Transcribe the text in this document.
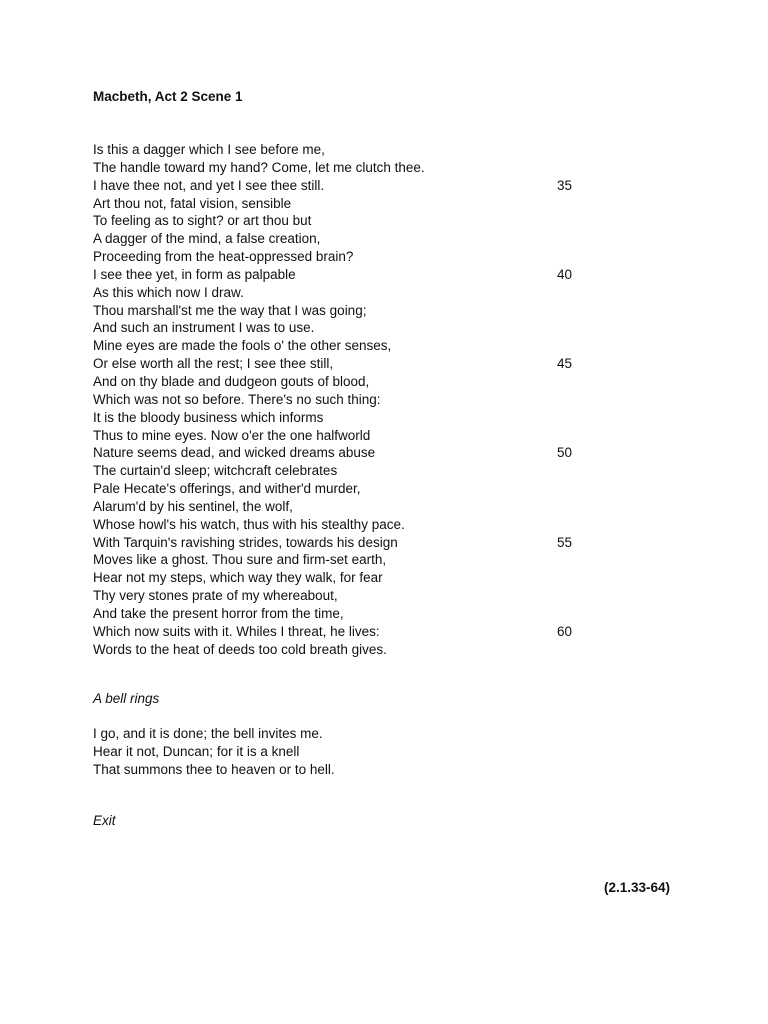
Macbeth, Act 2 Scene 1
Is this a dagger which I see before me,
The handle toward my hand? Come, let me clutch thee.
I have thee not, and yet I see thee still.	35
Art thou not, fatal vision, sensible
To feeling as to sight? or art thou but
A dagger of the mind, a false creation,
Proceeding from the heat-oppressed brain?
I see thee yet, in form as palpable	40
As this which now I draw.
Thou marshall'st me the way that I was going;
And such an instrument I was to use.
Mine eyes are made the fools o' the other senses,
Or else worth all the rest; I see thee still,	45
And on thy blade and dudgeon gouts of blood,
Which was not so before. There's no such thing:
It is the bloody business which informs
Thus to mine eyes. Now o'er the one halfworld
Nature seems dead, and wicked dreams abuse	50
The curtain'd sleep; witchcraft celebrates
Pale Hecate's offerings, and wither'd murder,
Alarum'd by his sentinel, the wolf,
Whose howl's his watch, thus with his stealthy pace.
With Tarquin's ravishing strides, towards his design	55
Moves like a ghost. Thou sure and firm-set earth,
Hear not my steps, which way they walk, for fear
Thy very stones prate of my whereabout,
And take the present horror from the time,
Which now suits with it. Whiles I threat, he lives:	60
Words to the heat of deeds too cold breath gives.
A bell rings
I go, and it is done; the bell invites me.
Hear it not, Duncan; for it is a knell
That summons thee to heaven or to hell.
Exit
(2.1.33-64)
